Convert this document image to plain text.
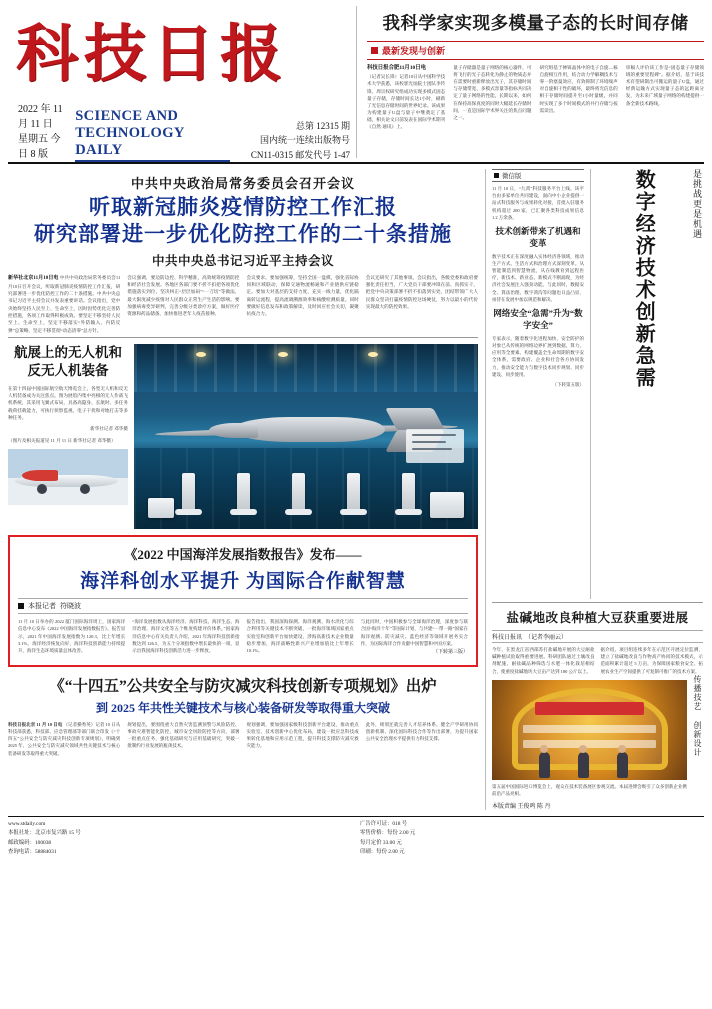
科技日报
2022 年 11 月 11 日
星期五 今日 8 版
SCIENCE AND TECHNOLOGY DAILY
总第 12315 期
国内统一连续出版物号 CN11-0315 邮发代号 1-47
我科学家实现多模量子态的长时间存储
最新发现与创新
科技日报合肥11月10日电
（记者吴长锋）记者10日从中国科学技术大学获悉，该校郭光灿院士团队李传锋、周宗权研究组成功实现多模式固态量子存储，存储时间长达1小时，刷新了光信息存储时间的世界纪录。该成果为构建量子U盘与量子中继奠定了基础，相关论文日前发表在国际学术期刊《自然·通讯》上。
量子存储器是量子网络的核心器件，可将飞行的光子态转化为静止的物质态并在需要时重新释放出光子，其存储时间与存储带宽、多模式容量等指标共同决定了量子网络的性能。长期以来，如何在保持高保真度的同时大幅延长存储时间，一直是国际学术界关注的焦点问题之一。
研究组基于掺铒晶体中的电子自旋—核自旋相互作用，结合动力学解耦技术与零一阶塞曼效应，有效抑制了环境噪声对自旋相干性的破坏，最终将光信息的相干存储时间提升至1小时量级，并同时实现了多个时间模式的并行存储与按需读出。
审稿人评价该工作是“固态量子存储领域的重要里程碑”。据介绍，基于该技术有望研制出可搬运的量子U盘，通过经典运输方式实现量子态的远距离分发，为未来广域量子网络的构建提供一条全新技术路线。
中共中央政治局常务委员会召开会议
听取新冠肺炎疫情防控工作汇报
研究部署进一步优化防控工作的二十条措施
中共中央总书记习近平主持会议
新华社北京11月10日电 中共中央政治局常务委员会11月10日召开会议，听取新冠肺炎疫情防控工作汇报，研究部署进一步优化防控工作的二十条措施。中共中央总书记习近平主持会议并发表重要讲话。会议指出，党中央始终坚持人民至上、生命至上，因时因势优化完善防控措施，各项工作取得积极成效。要坚定不移坚持人民至上、生命至上，坚定不移落实“外防输入、内防反弹”总策略，坚定不移贯彻“动态清零”总方针。
会议强调，要边防边控、科学精准，高效统筹疫情防控和经济社会发展。各地区各部门要不折不扣把各项优化措施落实到位，坚决纠正“层层加码”“一刀切”等做法，最大限度减少疫情对人民群众正常生产生活的影响。要加强病毒变异研判，完善分级分类诊疗方案，做好医疗资源和药品储备，加快推进老年人疫苗接种。
会议要求，要加强统筹，坚持全国一盘棋，强化省际协同和区域联动，保障交通物流畅通和产业链供应链稳定。要加大对基层的支持力度，充实一线力量，优化隔离转运流程，提高流调溯源效率和核酸检测质量。同时要做好信息发布和政策解读，及时回应社会关切，凝聚抗疫合力。
会议还研究了其他事项。会议指出，各级党委和政府要强化责任担当，广大党员干部要冲锋在前、真抓实干，把党中央决策部署不折不扣落到实处，团结带领广大人民群众坚决打赢疫情防控这场硬仗，努力以最小的代价实现最大的防控效果。
航展上的无人机和
反无人机装备
在第十四届中国国际航空航天博览会上，各型无人机和反无人机装备成为关注焦点。图为展馆内集中亮相的无人作战飞机系统，其采用飞翼式布局，具备高隐身、长航时、多任务载荷挂载能力，可执行侦察监视、电子干扰和对地打击等多种任务。
新华社记者 邓华摄
（图片及相关报道见 11 月 11 日 新华社记者 邓华摄）
《2022 中国海洋发展指数报告》发布——
海洋科创水平提升 为国际合作献智慧
本报记者 符晓波
11 月 10 日举办的 2022 厦门国际海洋周上，国家海洋信息中心发布《2022 中国海洋发展指数报告》。报告显示，2021 年中国海洋发展指数为 120.3，比上年增长 3.1%，海洋经济恢复向好，海洋科技创新能力持续提升，海洋生态环境质量总体改善。
“海洋发展指数从海洋经济、海洋科技、海洋生态、海洋治理、海洋文化等五个维度构建评价体系。”国家海洋信息中心有关负责人介绍，2021 年海洋科技创新指数达到 126.5，为五个分项指数中增长最快的一项，显示出我国海洋科技创新活力进一步释放。
报告指出，我国深海探测、海洋观测、海水淡化与综合利用等关键技术不断突破，一批海洋领域国家重点实验室和创新平台加快建设，涉海高新技术企业数量稳步增加，海洋战略性新兴产业增加值比上年增长 10.1%。
与此同时，中国积极参与全球海洋治理，深度参与联合国“海洋十年”等国际计划，与共建“一带一路”国家在海洋观测、防灾减灾、蓝色经济等领域开展务实合作，为国际海洋合作贡献中国智慧和中国方案。
（下转第三版）
《“十四五”公共安全与防灾减灾科技创新专项规划》出炉
到 2025 年共性关键技术与核心装备研发等取得重大突破
科技日报北京 11 月 10 日电 （记者操秀英）记者 10 日从科技部获悉，科技部、应急管理部等部门联合印发《“十四五”公共安全与防灾减灾科技创新专项规划》，明确到 2025 年，公共安全与防灾减灾领域共性关键技术与核心装备研发等取得重大突破。
规划提出，要围绕重大自然灾害监测预警与风险防控、事故灾难智能化防控、城市安全风险防控等方向，部署一批重点任务，强化基础研究与应用基础研究，突破一批制约行业发展的瓶颈技术。
规划强调，要加强国家级科技创新平台建设，推动重点实验室、技术创新中心优化布局，建设一批应急科技成果转化基地和应用示范工程，提升科技支撑防灾减灾救灾能力。
此外，规划还就完善人才培养体系、健全产学研用协同创新机制、深化国际科技合作等作出部署，为提升国家公共安全治理水平提供有力科技支撑。
微信版
11 月 10 日，“九霄”科技服务平台上线。该平台由多家单位共同建设，面向中小企业提供一站式科技服务与成果转化对接，首批入驻服务机构超过 200 家，已汇聚各类科技成果信息 1.2 万余条。
技术创新带来了机遇和变革
数字技术正在深度融入实体经济各领域，推动生产方式、生活方式和治理方式深刻变革。从智能制造到智慧物流，从在线教育到远程医疗，新技术、新业态、新模式不断涌现，为经济社会发展注入强劲动能。与此同时，数据安全、算法治理、数字鸿沟等问题也日益凸显，亟待在发展中加以规范和解决。
网络安全“急需”升为“数字安全”
专家表示，随着数字化进程加快，安全防护的对象已从传统的网络边界扩展到数据、算力、应用等全要素。构建覆盖全生命周期的数字安全体系，需要政府、企业和社会各方协同发力，推动安全能力与数字技术同步规划、同步建设、同步使用。
（下转第五版） 数字经济技术创新急需	是挑战更是机遇
盐碱地改良种植大豆获重要进展
科技日报讯 （记者李丽云）
今年，在黑龙江省西部苏打盐碱地开展的大豆耐盐碱种植试验取得重要进展。科研团队通过土壤改良剂配施、耐盐碱品种筛选与水肥一体化栽培相结合，使重度盐碱地块大豆亩产达到 180 公斤以上。
据介绍，项目组连续多年在示范区开展定位监测，建立了盐碱地改良与作物高产协同的技术模式，示范面积累计超过 5 万亩，为保障国家粮食安全、拓展农业生产空间提供了可复制可推广的技术方案。
第五届中国国际进口博览会上，观众在技术装备展区参观交流。本届进博会吸引了众多创新企业携前沿产品亮相。
传播技艺 创新设计
本版责编 王俊鸣 陈 丹
www.stdaily.com
本报社址：北京市复兴路 15 号
邮政编码：100038
查询电话：58884031
广告许可证：018 号
零售价格：每份 2.00 元
每月定价 33.00 元
印刷：每份 2.00 元
